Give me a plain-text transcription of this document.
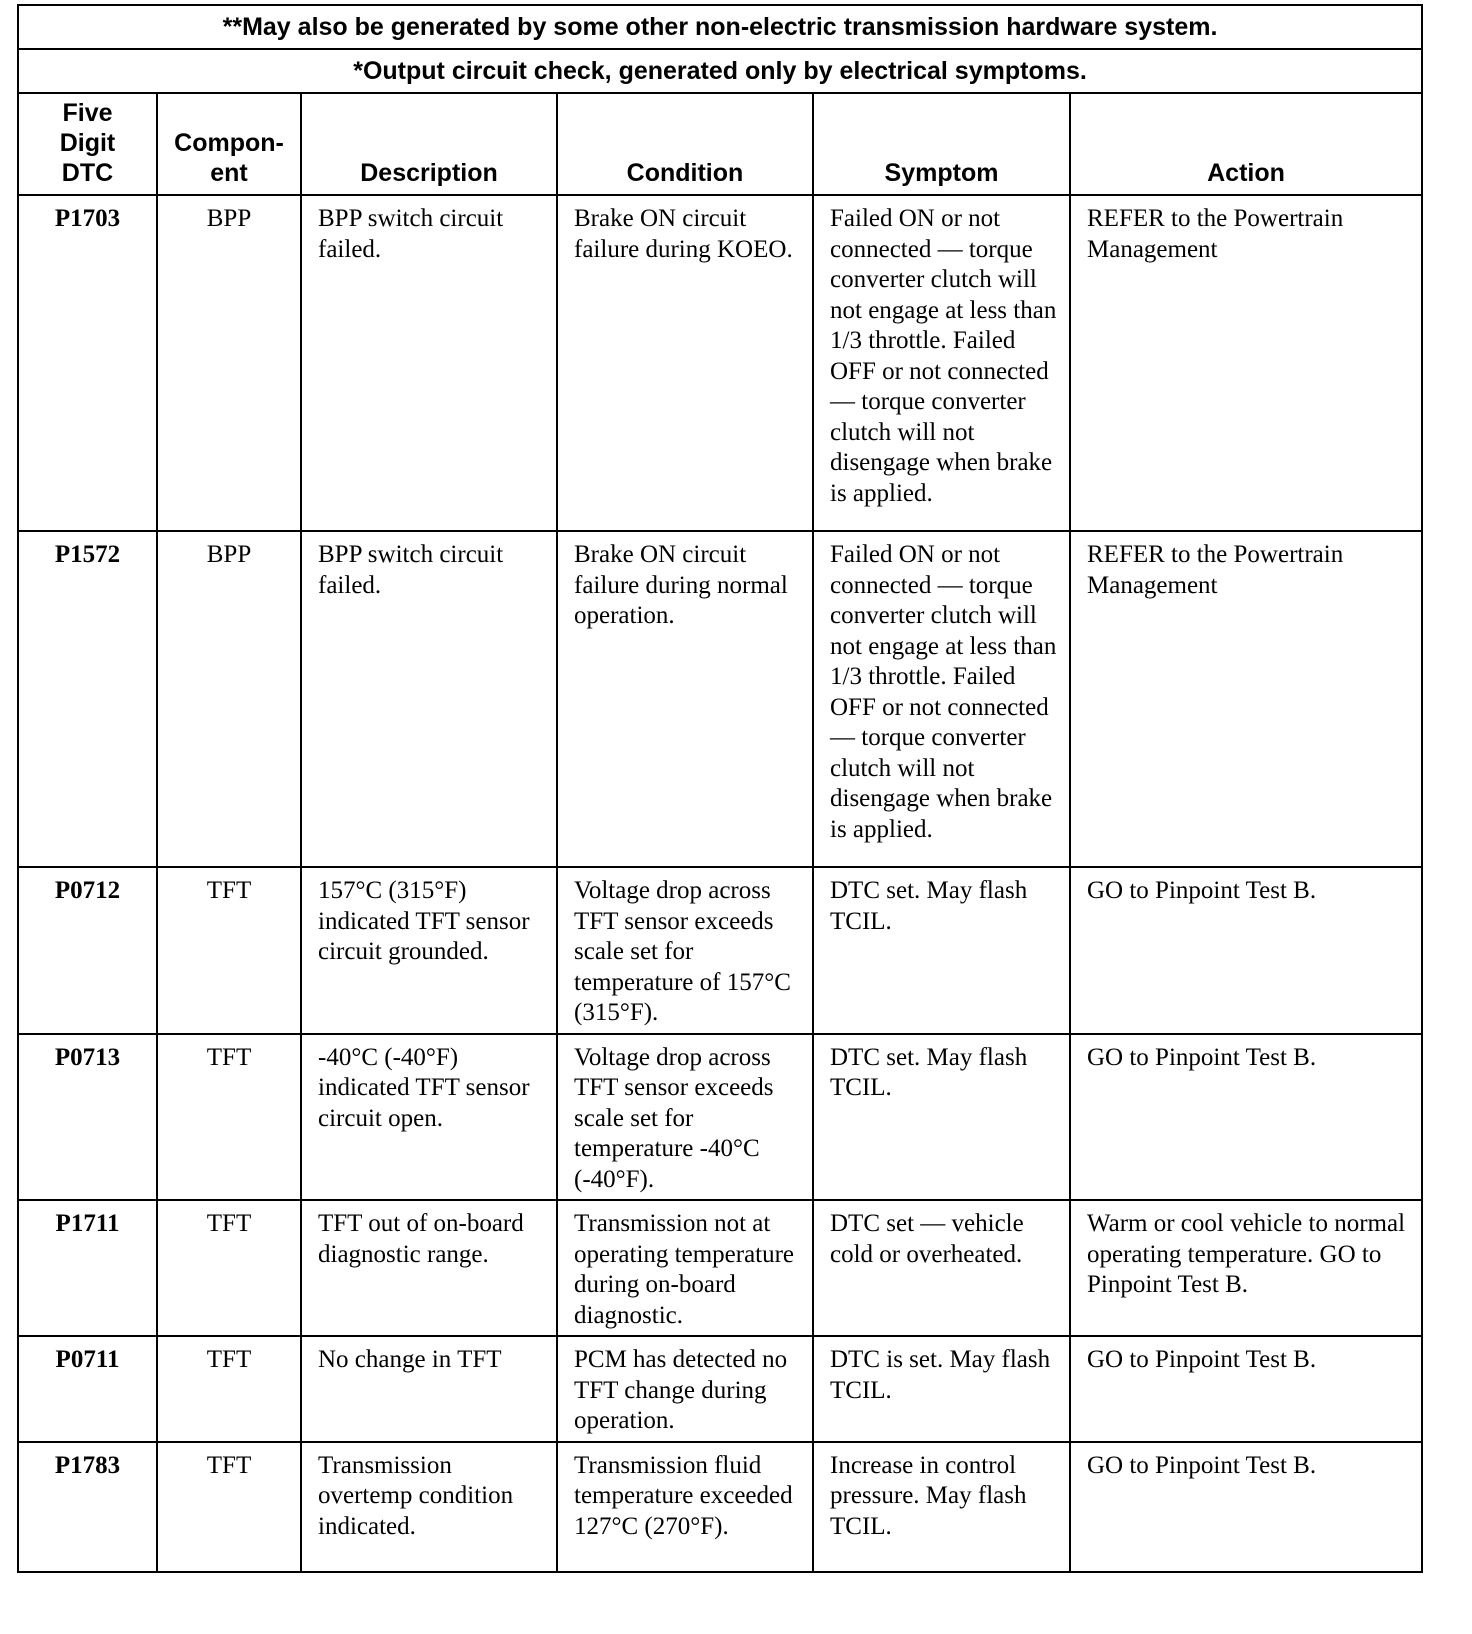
**May also be generated by some other non-electric transmission hardware system.					
*Output circuit check, generated only by electrical symptoms.					

Five Digit DTC	Compon- ent	Description	Condition	Symptom	Action
P1703	BPP	BPP switch circuit failed.	Brake ON circuit failure during KOEO.	Failed ON or not connected — torque converter clutch will not engage at less than 1/3 throttle. Failed OFF or not connected — torque converter clutch will not disengage when brake is applied.	REFER to the Powertrain Management
P1572	BPP	BPP switch circuit failed.	Brake ON circuit failure during normal operation.	Failed ON or not connected — torque converter clutch will not engage at less than 1/3 throttle. Failed OFF or not connected — torque converter clutch will not disengage when brake is applied.	REFER to the Powertrain Management
P0712	TFT	157°C (315°F) indicated TFT sensor circuit grounded.	Voltage drop across TFT sensor exceeds scale set for temperature of 157°C (315°F).	DTC set. May flash TCIL.	GO to Pinpoint Test B.
P0713	TFT	-40°C (-40°F) indicated TFT sensor circuit open.	Voltage drop across TFT sensor exceeds scale set for temperature -40°C (-40°F).	DTC set. May flash TCIL.	GO to Pinpoint Test B.
P1711	TFT	TFT out of on-board diagnostic range.	Transmission not at operating temperature during on-board diagnostic.	DTC set — vehicle cold or overheated.	Warm or cool vehicle to normal operating temperature. GO to Pinpoint Test B.
P0711	TFT	No change in TFT	PCM has detected no TFT change during operation.	DTC is set. May flash TCIL.	GO to Pinpoint Test B.
P1783	TFT	Transmission overtemp condition indicated.	Transmission fluid temperature exceeded 127°C (270°F).	Increase in control pressure. May flash TCIL.	GO to Pinpoint Test B.
